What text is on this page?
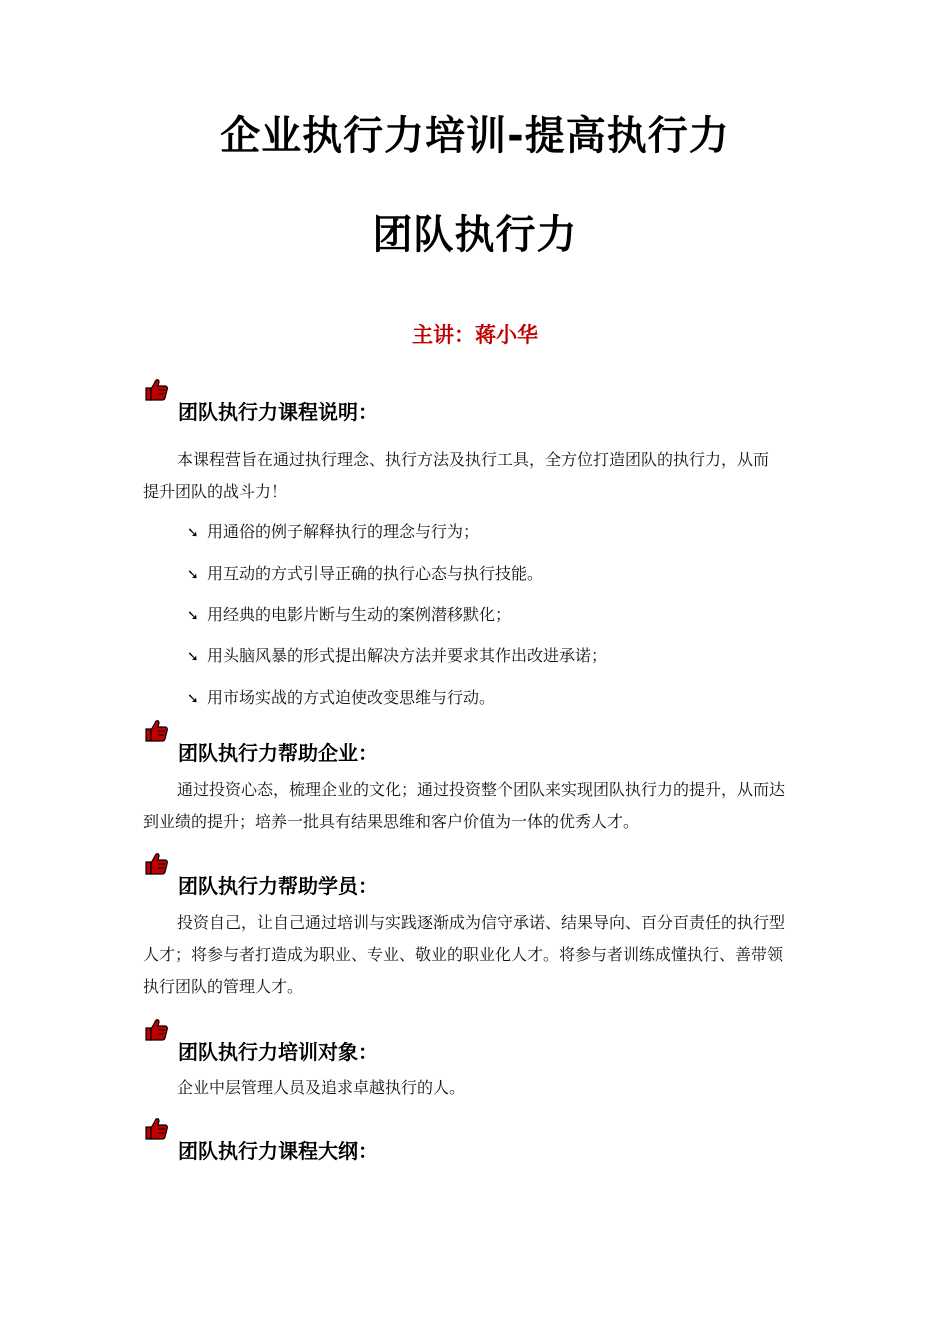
企业执行力培训-提高执行力
团队执行力
主讲：蒋小华
团队执行力课程说明：
本课程营旨在通过执行理念、执行方法及执行工具，全方位打造团队的执行力，从而
提升团队的战斗力！
➘ 用通俗的例子解释执行的理念与行为；
➘ 用互动的方式引导正确的执行心态与执行技能。
➘ 用经典的电影片断与生动的案例潜移默化；
➘ 用头脑风暴的形式提出解决方法并要求其作出改进承诺；
➘ 用市场实战的方式迫使改变思维与行动。
团队执行力帮助企业：
通过投资心态，梳理企业的文化；通过投资整个团队来实现团队执行力的提升，从而达
到业绩的提升；培养一批具有结果思维和客户价值为一体的优秀人才。
团队执行力帮助学员：
投资自己，让自己通过培训与实践逐渐成为信守承诺、结果导向、百分百责任的执行型
人才；将参与者打造成为职业、专业、敬业的职业化人才。将参与者训练成懂执行、善带领
执行团队的管理人才。
团队执行力培训对象：
企业中层管理人员及追求卓越执行的人。
团队执行力课程大纲：
